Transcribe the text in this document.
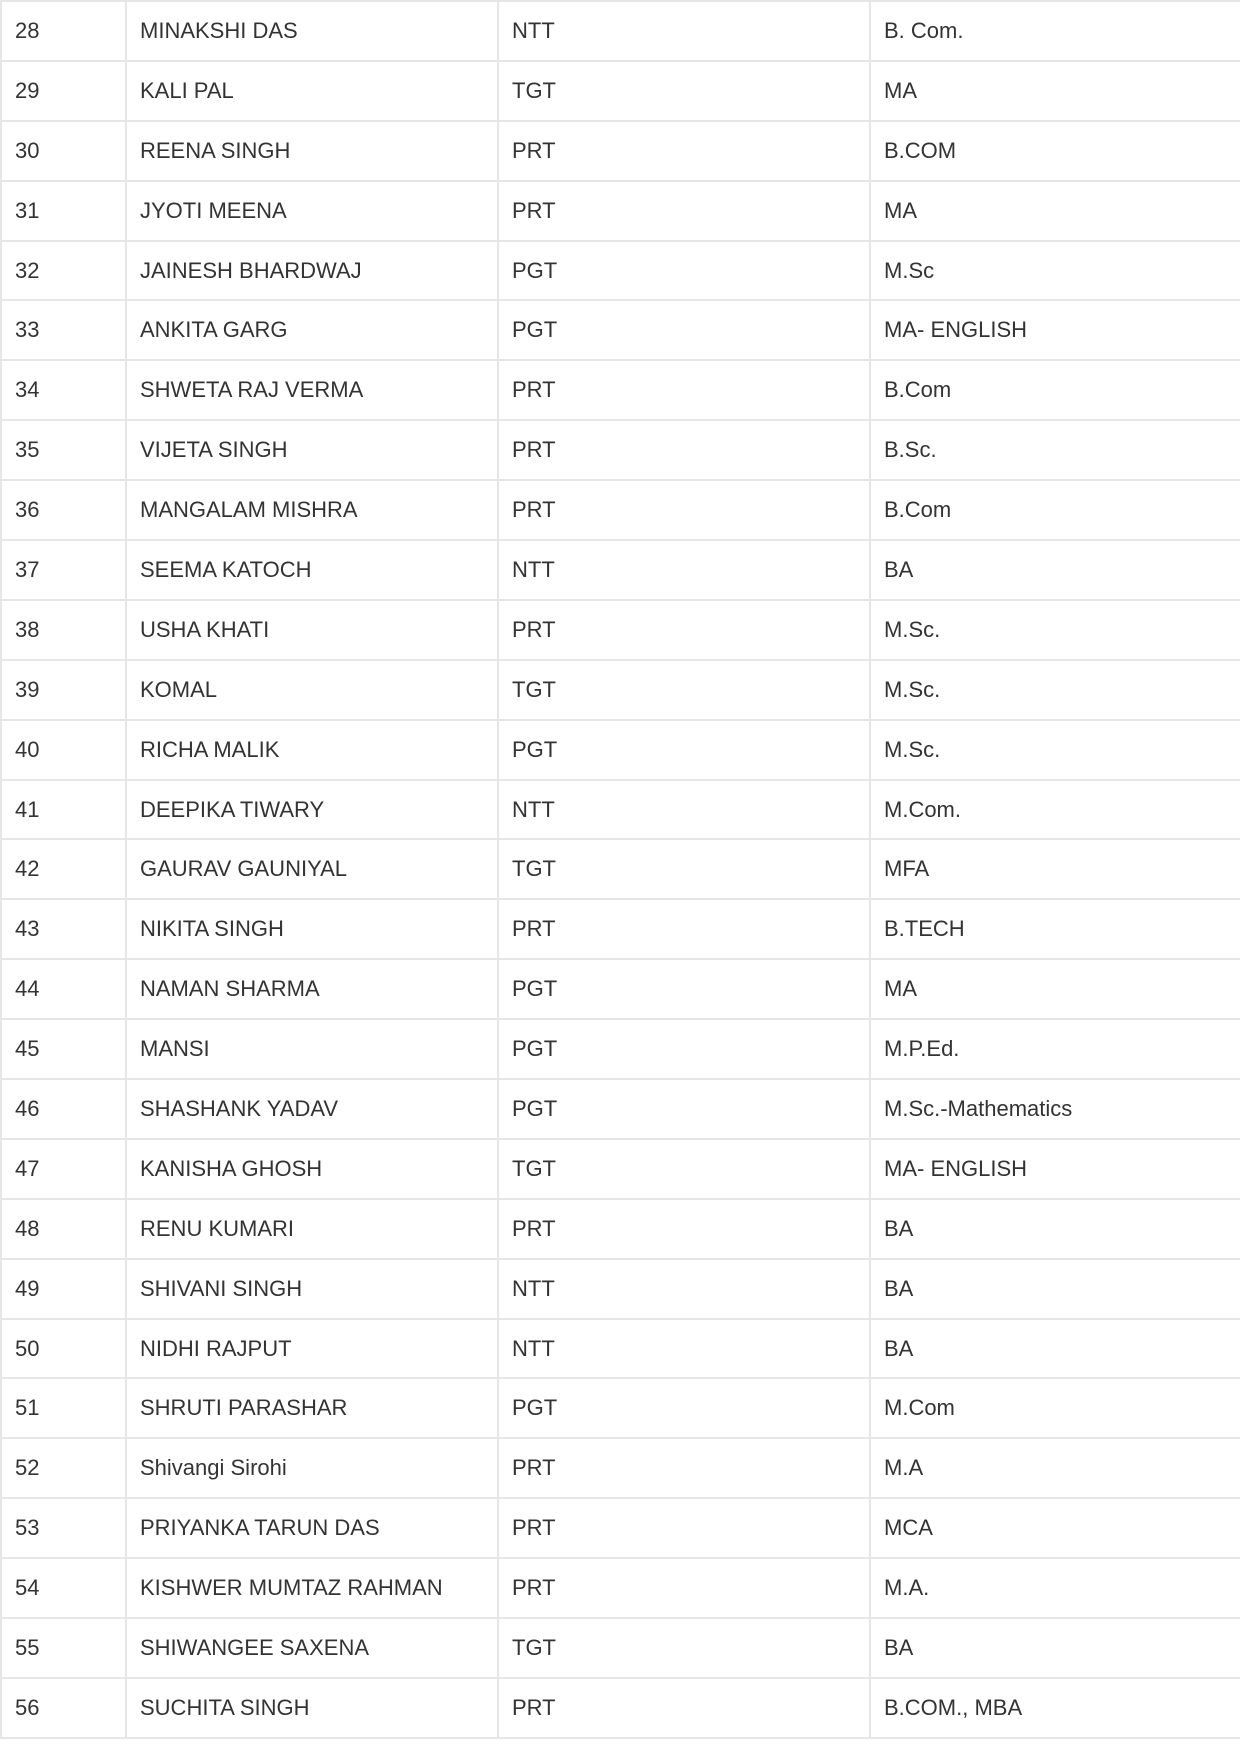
28	MINAKSHI DAS	NTT	B. Com.
29	KALI PAL	TGT	MA
30	REENA SINGH	PRT	B.COM
31	JYOTI MEENA	PRT	MA
32	JAINESH BHARDWAJ	PGT	M.Sc
33	ANKITA GARG	PGT	MA- ENGLISH
34	SHWETA RAJ VERMA	PRT	B.Com
35	VIJETA SINGH	PRT	B.Sc.
36	MANGALAM MISHRA	PRT	B.Com
37	SEEMA KATOCH	NTT	BA
38	USHA KHATI	PRT	M.Sc.
39	KOMAL	TGT	M.Sc.
40	RICHA MALIK	PGT	M.Sc.
41	DEEPIKA TIWARY	NTT	M.Com.
42	GAURAV GAUNIYAL	TGT	MFA
43	NIKITA SINGH	PRT	B.TECH
44	NAMAN SHARMA	PGT	MA
45	MANSI	PGT	M.P.Ed.
46	SHASHANK YADAV	PGT	M.Sc.-Mathematics
47	KANISHA GHOSH	TGT	MA- ENGLISH
48	RENU KUMARI	PRT	BA
49	SHIVANI SINGH	NTT	BA
50	NIDHI RAJPUT	NTT	BA
51	SHRUTI PARASHAR	PGT	M.Com
52	Shivangi Sirohi	PRT	M.A
53	PRIYANKA TARUN DAS	PRT	MCA
54	KISHWER MUMTAZ RAHMAN	PRT	M.A.
55	SHIWANGEE SAXENA	TGT	BA
56	SUCHITA SINGH	PRT	B.COM., MBA
